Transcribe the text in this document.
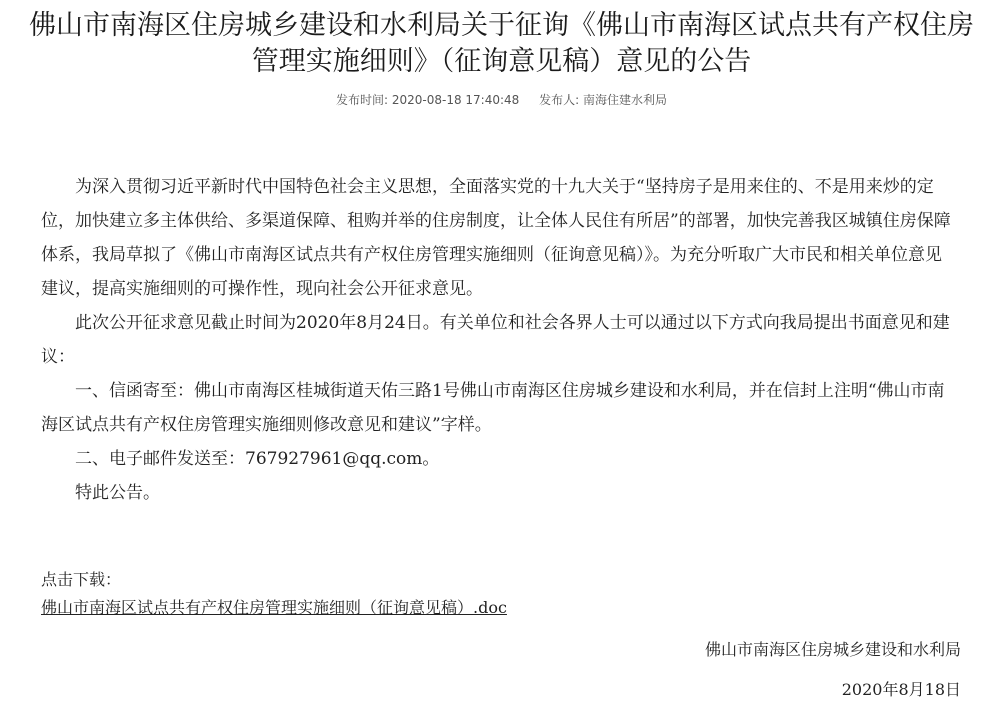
佛山市南海区住房城乡建设和水利局关于征询《佛山市南海区试点共有产权住房
管理实施细则》（征询意见稿）意见的公告
发布时间: 2020-08-18 17:40:48 发布人: 南海住建水利局

为深入贯彻习近平新时代中国特色社会主义思想，全面落实党的十九大关于“坚持房子是用来住的、不是用来炒的定位，加快建立多主体供给、多渠道保障、租购并举的住房制度，让全体人民住有所居”的部署，加快完善我区城镇住房保障体系，我局草拟了《佛山市南海区试点共有产权住房管理实施细则（征询意见稿）》。为充分听取广大市民和相关单位意见建议，提高实施细则的可操作性，现向社会公开征求意见。

此次公开征求意见截止时间为2020年8月24日。有关单位和社会各界人士可以通过以下方式向我局提出书面意见和建议：

一、信函寄至：佛山市南海区桂城街道天佑三路1号佛山市南海区住房城乡建设和水利局，并在信封上注明“佛山市南海区试点共有产权住房管理实施细则修改意见和建议”字样。

二、电子邮件发送至：767927961@qq.com。

特此公告。

点击下载：
佛山市南海区试点共有产权住房管理实施细则（征询意见稿）.doc
佛山市南海区住房城乡建设和水利局
2020年8月18日
